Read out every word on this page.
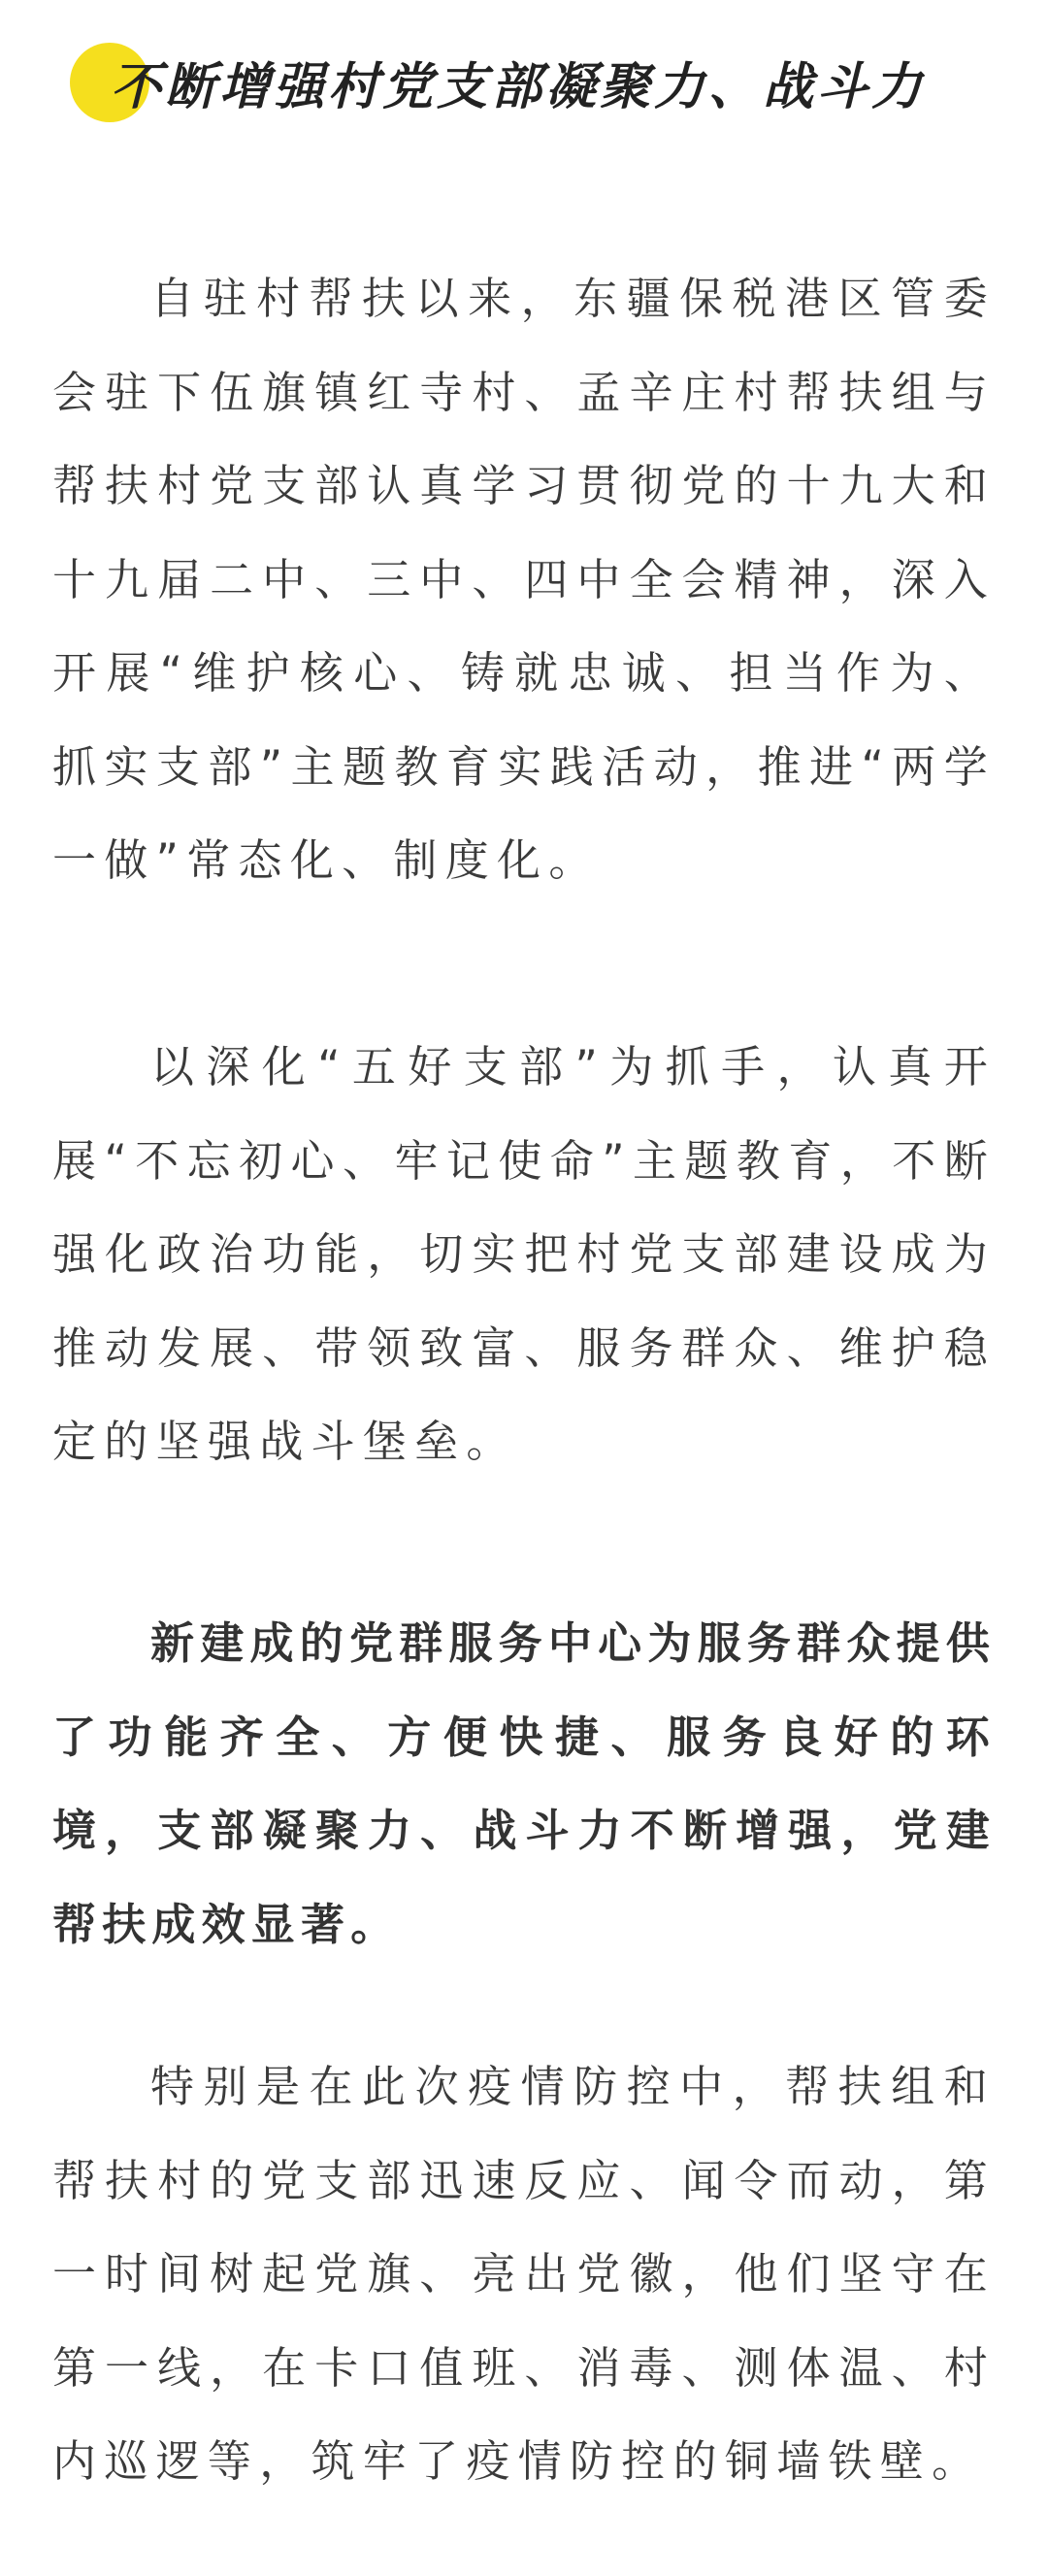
不断增强村党支部凝聚力、战斗力

自驻村帮扶以来，东疆保税港区管委会驻下伍旗镇红寺村、孟辛庄村帮扶组与帮扶村党支部认真学习贯彻党的十九大和十九届二中、三中、四中全会精神，深入开展“维护核心、铸就忠诚、担当作为、抓实支部”主题教育实践活动，推进“两学一做”常态化、制度化。

以深化“五好支部”为抓手，认真开展“不忘初心、牢记使命”主题教育，不断强化政治功能，切实把村党支部建设成为推动发展、带领致富、服务群众、维护稳定的坚强战斗堡垒。

新建成的党群服务中心为服务群众提供了功能齐全、方便快捷、服务良好的环境，支部凝聚力、战斗力不断增强，党建帮扶成效显著。

特别是在此次疫情防控中，帮扶组和帮扶村的党支部迅速反应、闻令而动，第一时间树起党旗、亮出党徽，他们坚守在第一线，在卡口值班、消毒、测体温、村内巡逻等，筑牢了疫情防控的铜墙铁壁。
